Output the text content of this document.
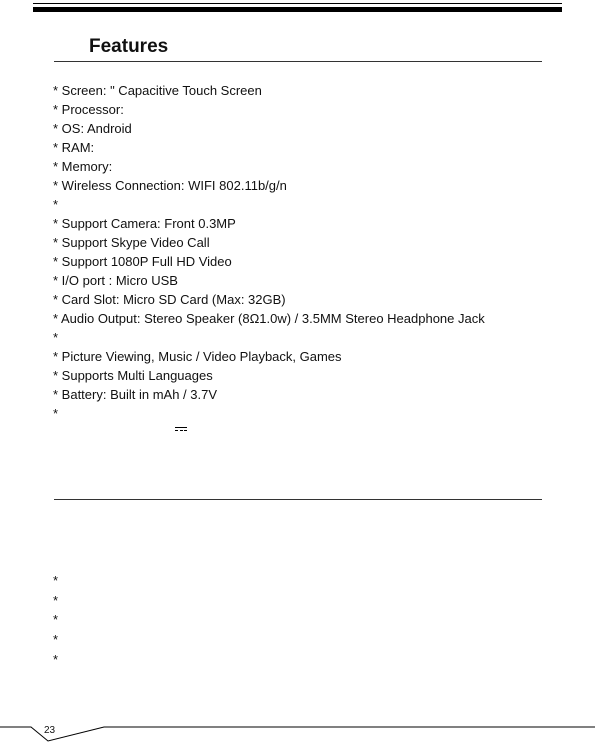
Features
* Screen: " Capacitive Touch Screen
* Processor:
* OS: Android
* RAM:
* Memory:
* Wireless Connection: WIFI 802.11b/g/n
*
* Support Camera: Front 0.3MP
* Support Skype Video Call
* Support 1080P Full HD Video
* I/O port : Micro USB
* Card Slot: Micro SD Card (Max: 32GB)
* Audio Output: Stereo Speaker (8Ω1.0w) / 3.5MM Stereo Headphone Jack
*
* Picture Viewing, Music / Video Playback, Games
* Supports Multi Languages
* Battery: Built in mAh / 3.7V
*
*
*
*
*
*
23
